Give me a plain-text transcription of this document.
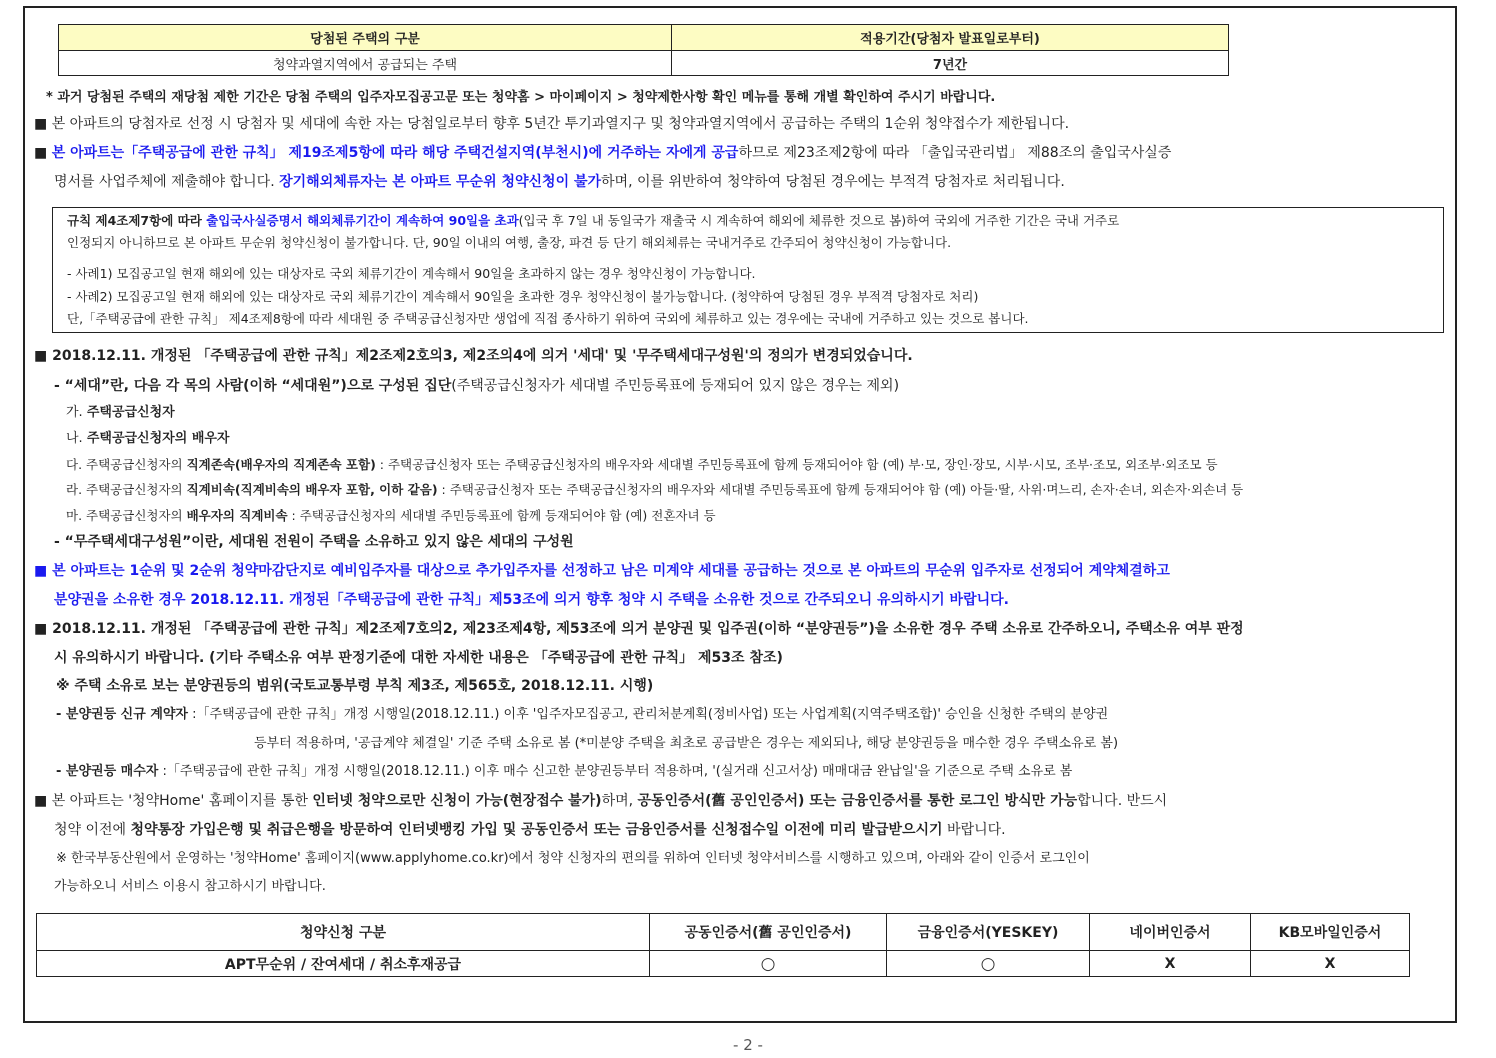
당첨된 주택의 구분	적용기간(당첨자 발표일로부터)
청약과열지역에서 공급되는 주택	7년간
* 과거 당첨된 주택의 재당첨 제한 기간은 당첨 주택의 입주자모집공고문 또는 청약홈 > 마이페이지 > 청약제한사항 확인 메뉴를 통해 개별 확인하여 주시기 바랍니다.
■ 본 아파트의 당첨자로 선정 시 당첨자 및 세대에 속한 자는 당첨일로부터 향후 5년간 투기과열지구 및 청약과열지역에서 공급하는 주택의 1순위 청약접수가 제한됩니다.
■ 본 아파트는「주택공급에 관한 규칙」 제19조제5항에 따라 해당 주택건설지역(부천시)에 거주하는 자에게 공급하므로 제23조제2항에 따라 「출입국관리법」 제88조의 출입국사실증
명서를 사업주체에 제출해야 합니다. 장기해외체류자는 본 아파트 무순위 청약신청이 불가하며, 이를 위반하여 청약하여 당첨된 경우에는 부적격 당첨자로 처리됩니다.
규칙 제4조제7항에 따라 출입국사실증명서 해외체류기간이 계속하여 90일을 초과(입국 후 7일 내 동일국가 재출국 시 계속하여 해외에 체류한 것으로 봄)하여 국외에 거주한 기간은 국내 거주로
인정되지 아니하므로 본 아파트 무순위 청약신청이 불가합니다. 단, 90일 이내의 여행, 출장, 파견 등 단기 해외체류는 국내거주로 간주되어 청약신청이 가능합니다.
- 사례1) 모집공고일 현재 해외에 있는 대상자로 국외 체류기간이 계속해서 90일을 초과하지 않는 경우 청약신청이 가능합니다.
- 사례2) 모집공고일 현재 해외에 있는 대상자로 국외 체류기간이 계속해서 90일을 초과한 경우 청약신청이 불가능합니다. (청약하여 당첨된 경우 부적격 당첨자로 처리)
단,「주택공급에 관한 규칙」 제4조제8항에 따라 세대원 중 주택공급신청자만 생업에 직접 종사하기 위하여 국외에 체류하고 있는 경우에는 국내에 거주하고 있는 것으로 봅니다.
■ 2018.12.11. 개정된 「주택공급에 관한 규칙」제2조제2호의3, 제2조의4에 의거 '세대' 및 '무주택세대구성원'의 정의가 변경되었습니다.
- “세대”란, 다음 각 목의 사람(이하 “세대원”)으로 구성된 집단(주택공급신청자가 세대별 주민등록표에 등재되어 있지 않은 경우는 제외)
가. 주택공급신청자
나. 주택공급신청자의 배우자
다. 주택공급신청자의 직계존속(배우자의 직계존속 포함) : 주택공급신청자 또는 주택공급신청자의 배우자와 세대별 주민등록표에 함께 등재되어야 함 (예) 부·모, 장인·장모, 시부·시모, 조부·조모, 외조부·외조모 등
라. 주택공급신청자의 직계비속(직계비속의 배우자 포함, 이하 같음) : 주택공급신청자 또는 주택공급신청자의 배우자와 세대별 주민등록표에 함께 등재되어야 함 (예) 아들·딸, 사위·며느리, 손자·손녀, 외손자·외손녀 등
마. 주택공급신청자의 배우자의 직계비속 : 주택공급신청자의 세대별 주민등록표에 함께 등재되어야 함 (예) 전혼자녀 등
- “무주택세대구성원”이란, 세대원 전원이 주택을 소유하고 있지 않은 세대의 구성원
■ 본 아파트는 1순위 및 2순위 청약마감단지로 예비입주자를 대상으로 추가입주자를 선정하고 남은 미계약 세대를 공급하는 것으로 본 아파트의 무순위 입주자로 선정되어 계약체결하고
분양권을 소유한 경우 2018.12.11. 개정된「주택공급에 관한 규칙」제53조에 의거 향후 청약 시 주택을 소유한 것으로 간주되오니 유의하시기 바랍니다.
■ 2018.12.11. 개정된 「주택공급에 관한 규칙」제2조제7호의2, 제23조제4항, 제53조에 의거 분양권 및 입주권(이하 “분양권등”)을 소유한 경우 주택 소유로 간주하오니, 주택소유 여부 판정
시 유의하시기 바랍니다. (기타 주택소유 여부 판정기준에 대한 자세한 내용은 「주택공급에 관한 규칙」 제53조 참조)
※ 주택 소유로 보는 분양권등의 범위(국토교통부령 부칙 제3조, 제565호, 2018.12.11. 시행)
- 분양권등 신규 계약자 :「주택공급에 관한 규칙」개정 시행일(2018.12.11.) 이후 '입주자모집공고, 관리처분계획(정비사업) 또는 사업계획(지역주택조합)' 승인을 신청한 주택의 분양권
등부터 적용하며, '공급계약 체결일' 기준 주택 소유로 봄 (*미분양 주택을 최초로 공급받은 경우는 제외되나, 해당 분양권등을 매수한 경우 주택소유로 봄)
- 분양권등 매수자 :「주택공급에 관한 규칙」개정 시행일(2018.12.11.) 이후 매수 신고한 분양권등부터 적용하며, '(실거래 신고서상) 매매대금 완납일'을 기준으로 주택 소유로 봄
■ 본 아파트는 '청약Home' 홈페이지를 통한 인터넷 청약으로만 신청이 가능(현장접수 불가)하며, 공동인증서(舊 공인인증서) 또는 금융인증서를 통한 로그인 방식만 가능합니다. 반드시
청약 이전에 청약통장 가입은행 및 취급은행을 방문하여 인터넷뱅킹 가입 및 공동인증서 또는 금융인증서를 신청접수일 이전에 미리 발급받으시기 바랍니다.
※ 한국부동산원에서 운영하는 '청약Home' 홈페이지(www.applyhome.co.kr)에서 청약 신청자의 편의를 위하여 인터넷 청약서비스를 시행하고 있으며, 아래와 같이 인증서 로그인이
가능하오니 서비스 이용시 참고하시기 바랍니다.
청약신청 구분	공동인증서(舊 공인인증서)	금융인증서(YESKEY)	네이버인증서	KB모바일인증서
APT무순위 / 잔여세대 / 취소후재공급	○	○	X	X
- 2 -
